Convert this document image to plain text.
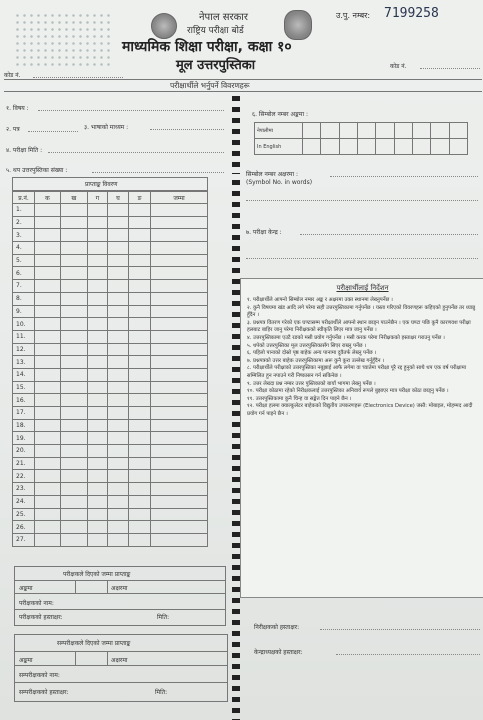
नेपाल सरकार
राष्ट्रिय परीक्षा बोर्ड
उ.पु. नम्बर: 7199258
माध्यमिक शिक्षा परीक्षा, कक्षा १०
मूल उत्तरपुस्तिका
कोड नं.
कोड नं.
परीक्षार्थीले भर्नुपर्ने विवरणहरू
१. विषय :
२. पत्र	३. भाषाको माध्यम :
४. परीक्षा मिति :
५. थप उत्तरपुस्तिका संख्या :
६. सिम्बोल नम्बर अङ्कमा :
नेपालीमा									
In English									
सिम्बोल नम्बर अक्षरमा :
(Symbol No. in words)
७. परीक्षा केन्द्र :
प्राप्ताङ्क विवरण
प्र.नं.	क	ख	ग	घ	ङ	जम्मा
1.						
2.						
3.						
4.						
5.						
6.						
7.						
8.						
9.						
10.						
11.						
12.						
13.						
14.						
15.						
16.						
17.						
18.						
19.						
20.						
21.						
22.						
23.						
24.						
25.						
26.						
27.						
परीक्षकले दिएको जम्मा प्राप्ताङ्क
अङ्कमा	अक्षरमा
परीक्षकको नाम:
परीक्षकको हस्ताक्षर:	मिति:
सम्परीक्षकले दिएको जम्मा प्राप्ताङ्क
अङ्कमा	अक्षरमा
सम्परीक्षकको नाम:
सम्परीक्षकको हस्ताक्षर:	मिति:
परीक्षार्थीलाई निर्देशन
१. परीक्षार्थीले आफ्नो सिम्बोल नम्बर अङ्क र अक्षरमा उक्त स्थानमा लेख्नुपर्नेछ ।
२. कुनै विषयमा खंड आदि लगे परेमा सही उत्तरपुस्तिकामा गर्नुपर्नेछ । यस्ता गरिएको विवरणहरू कहिएको हुनुपर्नेछ तर ध्यान्नु हुँदैन ।
३. प्रश्नपत्र वितरण गरेको एक घण्टासम्म परीक्षार्थीले आफ्नो स्थान छाड्न पाउनेछैन । एक घण्टा पछि कुनै कारणवश परीक्षा हलबाट बाहिर जानु परेमा निरीक्षकको स्वीकृति लिएर मात्र जानु पर्नेछ ।
४. उत्तरपुस्तिकामा एउटै रङको मसी प्रयोग गर्नुपर्नेछ । मसी करक परेमा निरीक्षकको हस्ताक्षर गराउनु पर्नेछ ।
५. थपेको उत्तरपुस्तिका मूल उत्तरपुस्तिकासँग सिएर राख्नु पर्नेछ ।
६. पहिलो पानाको दोस्रो पृष्ठ बाहेक अन्य पानामा दुवैतर्फ लेख्नु पर्नेछ ।
७. प्रश्नपत्रको उत्तर बाहेक उत्तरपुस्तिकामा अरू कुनै कुरा उल्लेख गर्नुहुँदैन ।
८. परीक्षार्थीले परीक्षाको उत्तरपुस्तिका नबुझाई आफै लगेमा वा च्यातेमा परीक्षा पूरै रद्द हुनुको साथै थप एक वर्ष परीक्षामा सम्मिलित हुन नपाउने गरी निष्कासन गर्न सकिनेछ ।
९. उत्तर लेख्दा प्रश्न नम्बर उत्तर पुस्तिकाको बायाँ भागमा लेख्नु पर्नेछ ।
१०. परीक्षा कोठामा रहेको निरीक्षकलाई उत्तरपुस्तिका अनिवार्य रूपले बुझाएर मात्र परीक्षा कोठा छाड्नु पर्नेछ ।
११. उत्तरपुस्तिकामा कुनै चिन्ह वा सङ्केत दिन पाइने छैन ।
१२. परीक्षा हलमा क्याल्कुलेटर बाहेकको विद्युतीय उपकरणहरू (Electronics Device) जस्तै: मोबाइल, मोहम्मद आदी प्रयोग गर्न पाइने छैन ।
निरीक्षकको हस्ताक्षर:
केन्द्राध्यक्षको हस्ताक्षर:
